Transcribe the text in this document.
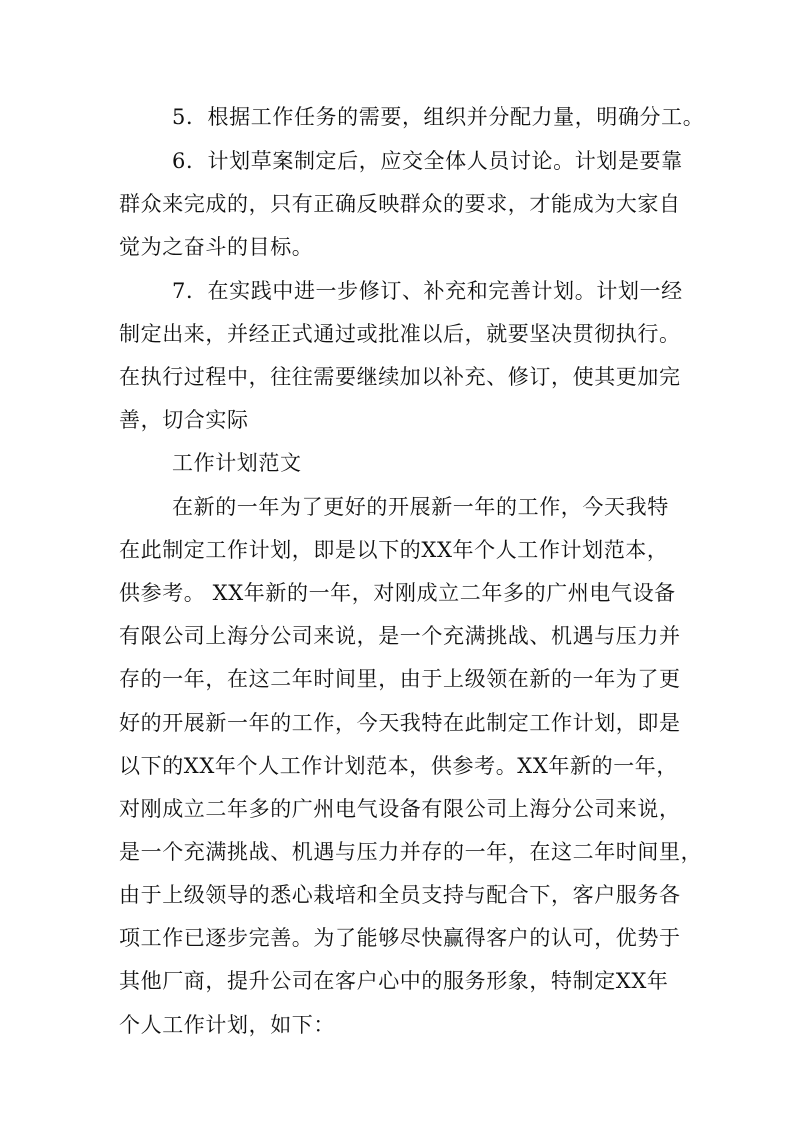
5．根据工作任务的需要，组织并分配力量，明确分工。
6．计划草案制定后，应交全体人员讨论。计划是要靠
群众来完成的，只有正确反映群众的要求，才能成为大家自
觉为之奋斗的目标。
7．在实践中进一步修订、补充和完善计划。计划一经
制定出来，并经正式通过或批准以后，就要坚决贯彻执行。
在执行过程中，往往需要继续加以补充、修订，使其更加完
善，切合实际
工作计划范文
在新的一年为了更好的开展新一年的工作，今天我特
在此制定工作计划，即是以下的XX年个人工作计划范本，
供参考。 XX年新的一年，对刚成立二年多的广州电气设备
有限公司上海分公司来说，是一个充满挑战、机遇与压力并
存的一年，在这二年时间里，由于上级领在新的一年为了更
好的开展新一年的工作，今天我特在此制定工作计划，即是
以下的XX年个人工作计划范本，供参考。XX年新的一年，
对刚成立二年多的广州电气设备有限公司上海分公司来说，
是一个充满挑战、机遇与压力并存的一年，在这二年时间里，
由于上级领导的悉心栽培和全员支持与配合下，客户服务各
项工作已逐步完善。为了能够尽快赢得客户的认可，优势于
其他厂商，提升公司在客户心中的服务形象，特制定XX年
个人工作计划，如下：
